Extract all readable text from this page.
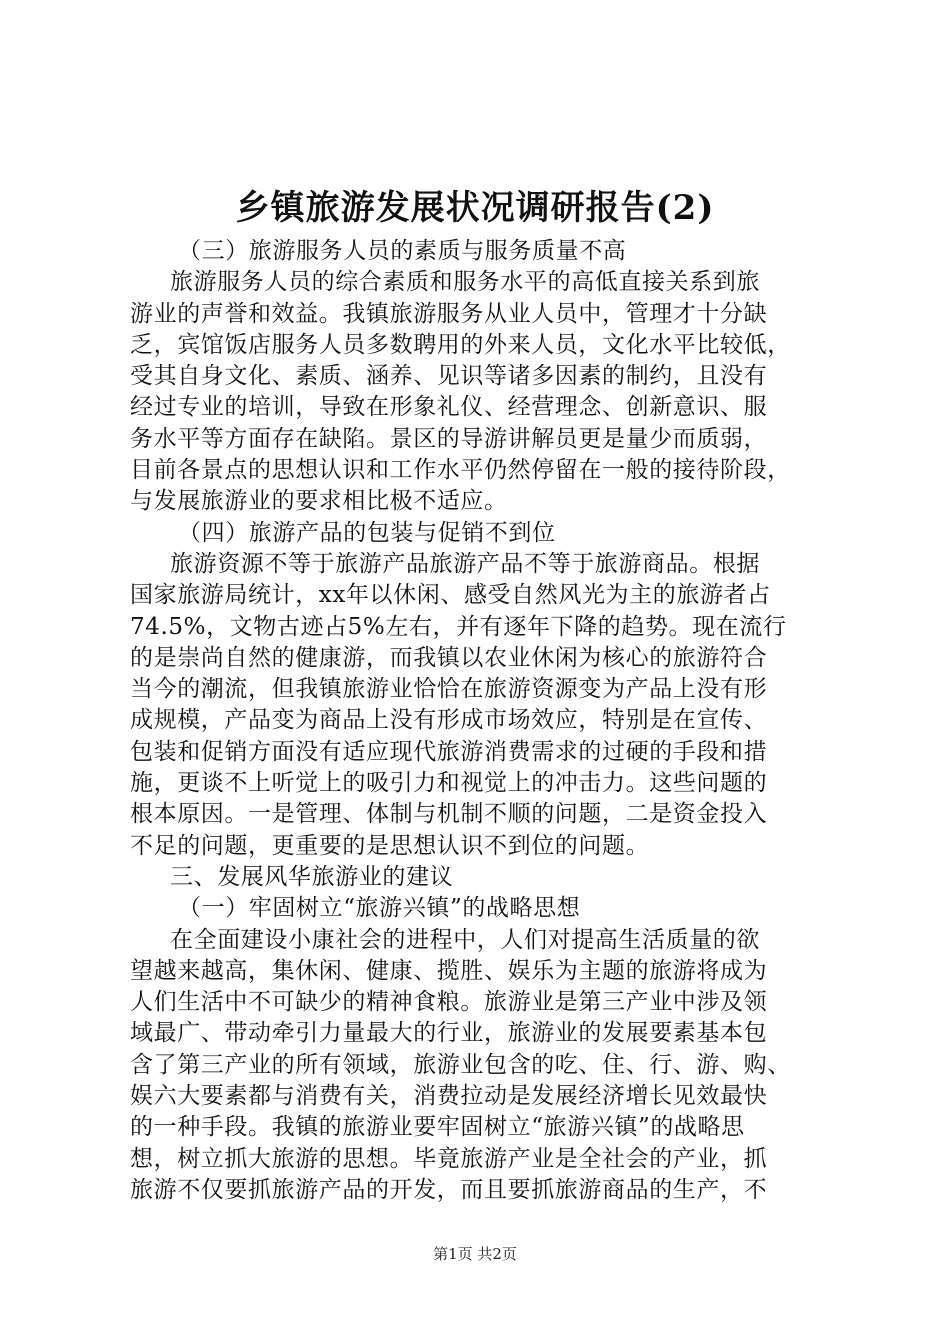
乡镇旅游发展状况调研报告(2)
（三）旅游服务人员的素质与服务质量不高
旅游服务人员的综合素质和服务水平的高低直接关系到旅
游业的声誉和效益。我镇旅游服务从业人员中，管理才十分缺
乏，宾馆饭店服务人员多数聘用的外来人员，文化水平比较低，
受其自身文化、素质、涵养、见识等诸多因素的制约，且没有
经过专业的培训，导致在形象礼仪、经营理念、创新意识、服
务水平等方面存在缺陷。景区的导游讲解员更是量少而质弱，
目前各景点的思想认识和工作水平仍然停留在一般的接待阶段，
与发展旅游业的要求相比极不适应。
（四）旅游产品的包装与促销不到位
旅游资源不等于旅游产品旅游产品不等于旅游商品。根据
国家旅游局统计，xx年以休闲、感受自然风光为主的旅游者占
74.5%，文物古迹占5%左右，并有逐年下降的趋势。现在流行
的是崇尚自然的健康游，而我镇以农业休闲为核心的旅游符合
当今的潮流，但我镇旅游业恰恰在旅游资源变为产品上没有形
成规模，产品变为商品上没有形成市场效应，特别是在宣传、
包装和促销方面没有适应现代旅游消费需求的过硬的手段和措
施，更谈不上听觉上的吸引力和视觉上的冲击力。这些问题的
根本原因。一是管理、体制与机制不顺的问题，二是资金投入
不足的问题，更重要的是思想认识不到位的问题。
三、发展风华旅游业的建议
（一）牢固树立“旅游兴镇”的战略思想
在全面建设小康社会的进程中，人们对提高生活质量的欲
望越来越高，集休闲、健康、揽胜、娱乐为主题的旅游将成为
人们生活中不可缺少的精神食粮。旅游业是第三产业中涉及领
域最广、带动牵引力量最大的行业，旅游业的发展要素基本包
含了第三产业的所有领域，旅游业包含的吃、住、行、游、购、
娱六大要素都与消费有关，消费拉动是发展经济增长见效最快
的一种手段。我镇的旅游业要牢固树立“旅游兴镇”的战略思
想，树立抓大旅游的思想。毕竟旅游产业是全社会的产业，抓
旅游不仅要抓旅游产品的开发，而且要抓旅游商品的生产，不
第1页 共2页
